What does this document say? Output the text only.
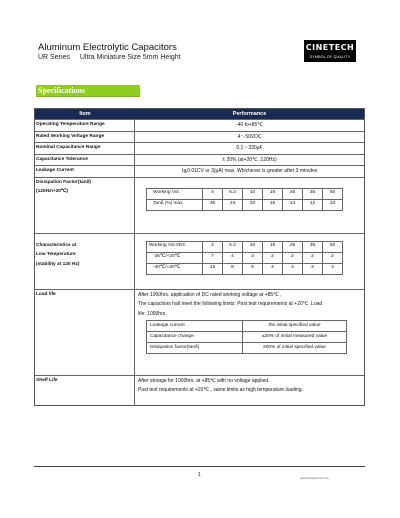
Aluminum Electrolytic Capacitors
UR Series Ultra Miniature Size 5mm Height
CINETECH
SYMBOL OF QUALITY
Specifications
Item	Performance
Operating Temperature Range	-40 to+85℃
Rated Working Voltage Range	4～50VDC
Nominal Capacitance Range	0.1～330μF
Capacitance Tolerance	± 20% (at+20℃ ,120Hz)
Leakage Current	I≦0.01CV or 3(μA) max, Whichever is greater after 3 minutes
Dissipation Factor(tanδ)
(120Hz\+20℃)	Working Vol.	4	6.3	10	16	25	35	50
Tanδ (%) max	35	24	20	16	14	12	10
Characteristics at
Low Temperature
(stability at 120 Hz)
Working Vol.VDC	4	6.3	10	16	25	35	50
-25℃/+20℃	7	4	3	2	2	2	2
-40℃/+20℃	15	8	8	4	4	3	3
Load life	After 1000hrs. application of DC rated working voltage at +85℃ ,
The capacitors hall meet the following limits: Post test requirements at +20℃ .Load
life: 1000hrs.
Leakage current	the initial specified value
Capacitance change	±20% of initial measured value
Dissipation factor(tanδ)	200% of initial specified value
Shelf Life	After storage for 1000hrs. at +85℃ with no voltage applied.
Post test requirements at +20℃ , same limits as high temperature loading.
1	www.cinetech.com.tw
